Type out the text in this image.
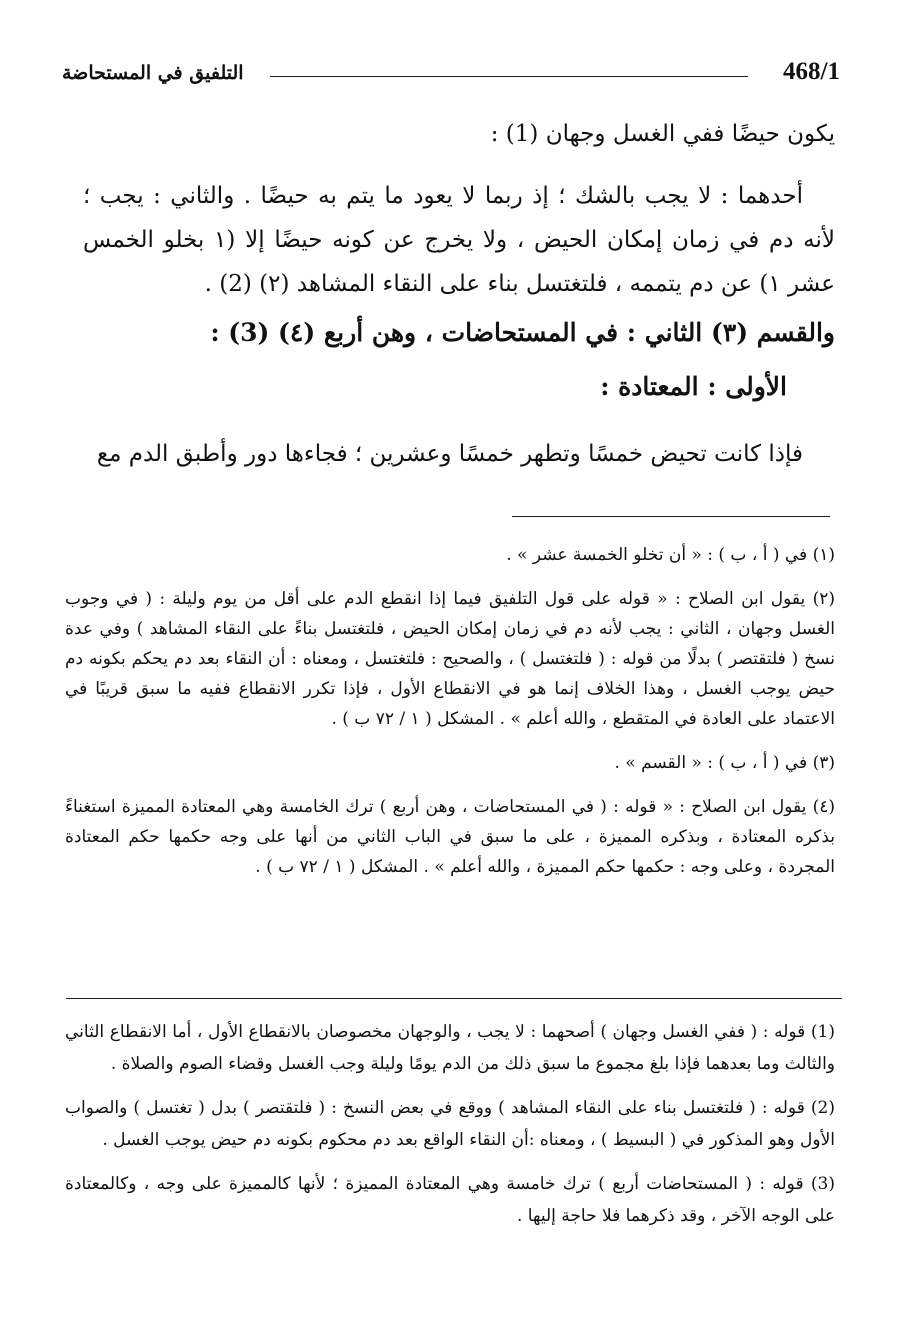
468/1
التلفيق في المستحاضة

يكون حيضًا ففي الغسل وجهان (1) :

أحدهما : لا يجب بالشك ؛ إذ ربما لا يعود ما يتم به حيضًا . والثاني : يجب ؛ لأنه دم في زمان إمكان الحيض ، ولا يخرج عن كونه حيضًا إلا (١ بخلو الخمس عشر ١) عن دم يتممه ، فلتغتسل بناء على النقاء المشاهد (٢) (2) .

والقسم (٣) الثاني : في المستحاضات ، وهن أربع (٤) (3) :

الأولى : المعتادة :

فإذا كانت تحيض خمسًا وتطهر خمسًا وعشرين ؛ فجاءها دور وأطبق الدم مع

(١) في ( أ ، ب ) : « أن تخلو الخمسة عشر » .

(٢) يقول ابن الصلاح : « قوله على قول التلفيق فيما إذا انقطع الدم على أقل من يوم وليلة : ( في وجوب الغسل وجهان ، الثاني : يجب لأنه دم في زمان إمكان الحيض ، فلتغتسل بناءً على النقاء المشاهد ) وفي عدة نسخ ( فلتقتصر ) بدلًا من قوله : ( فلتغتسل ) ، والصحيح : فلتغتسل ، ومعناه : أن النقاء بعد دم يحكم بكونه دم حيض يوجب الغسل ، وهذا الخلاف إنما هو في الانقطاع الأول ، فإذا تكرر الانقطاع ففيه ما سبق قريبًا في الاعتماد على العادة في المتقطع ، والله أعلم » . المشكل ( ١ / ٧٢ ب ) .

(٣) في ( أ ، ب ) : « القسم » .

(٤) يقول ابن الصلاح : « قوله : ( في المستحاضات ، وهن أربع ) ترك الخامسة وهي المعتادة المميزة استغناءً بذكره المعتادة ، وبذكره المميزة ، على ما سبق في الباب الثاني من أنها على وجه حكمها حكم المعتادة المجردة ، وعلى وجه : حكمها حكم المميزة ، والله أعلم » . المشكل ( ١ / ٧٢ ب ) .

(1) قوله : ( ففي الغسل وجهان ) أصحهما : لا يجب ، والوجهان مخصوصان بالانقطاع الأول ، أما الانقطاع الثاني والثالث وما بعدهما فإذا بلغ مجموع ما سبق ذلك من الدم يومًا وليلة وجب الغسل وقضاء الصوم والصلاة .

(2) قوله : ( فلتغتسل بناء على النقاء المشاهد ) ووقع في بعض النسخ : ( فلتقتصر ) بدل ( تغتسل ) والصواب الأول وهو المذكور في ( البسيط ) ، ومعناه :أن النقاء الواقع بعد دم محكوم بكونه دم حيض يوجب الغسل .

(3) قوله : ( المستحاضات أربع ) ترك خامسة وهي المعتادة المميزة ؛ لأنها كالمميزة على وجه ، وكالمعتادة على الوجه الآخر ، وقد ذكرهما فلا حاجة إليها .
